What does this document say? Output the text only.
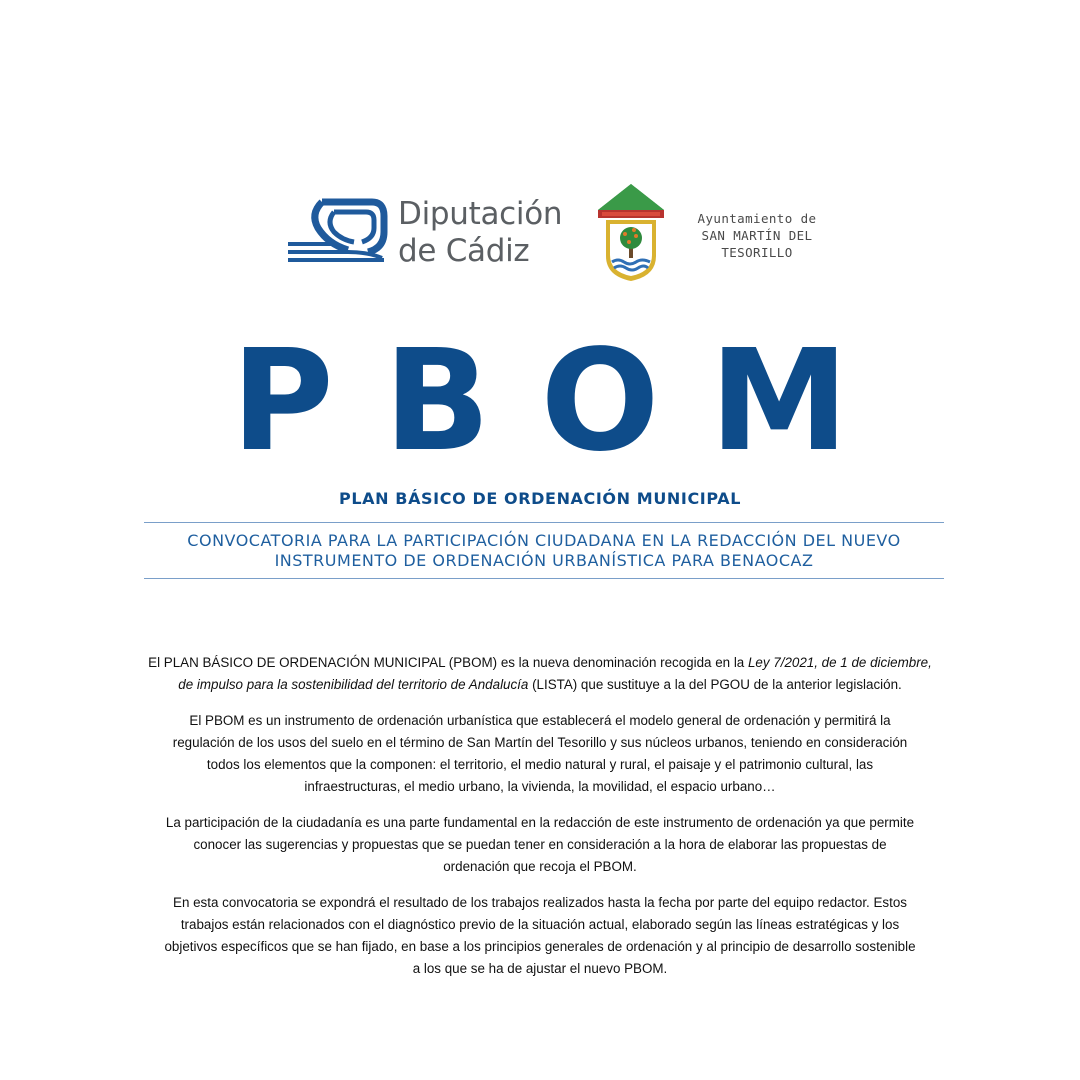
Diputación
de Cádiz
Ayuntamiento de
SAN MARTÍN DEL
TESORILLO
PBOM
PLAN BÁSICO DE ORDENACIÓN MUNICIPAL
CONVOCATORIA PARA LA PARTICIPACIÓN CIUDADANA EN LA REDACCIÓN DEL NUEVO
INSTRUMENTO DE ORDENACIÓN URBANÍSTICA PARA BENAOCAZ

El PLAN BÁSICO DE ORDENACIÓN MUNICIPAL (PBOM) es la nueva denominación recogida en la Ley 7/2021, de 1 de diciembre,
de impulso para la sostenibilidad del territorio de Andalucía (LISTA) que sustituye a la del PGOU de la anterior legislación.

El PBOM es un instrumento de ordenación urbanística que establecerá el modelo general de ordenación y permitirá la
regulación de los usos del suelo en el término de San Martín del Tesorillo y sus núcleos urbanos, teniendo en consideración
todos los elementos que la componen: el territorio, el medio natural y rural, el paisaje y el patrimonio cultural, las
infraestructuras, el medio urbano, la vivienda, la movilidad, el espacio urbano…

La participación de la ciudadanía es una parte fundamental en la redacción de este instrumento de ordenación ya que permite
conocer las sugerencias y propuestas que se puedan tener en consideración a la hora de elaborar las propuestas de
ordenación que recoja el PBOM.

En esta convocatoria se expondrá el resultado de los trabajos realizados hasta la fecha por parte del equipo redactor. Estos
trabajos están relacionados con el diagnóstico previo de la situación actual, elaborado según las líneas estratégicas y los
objetivos específicos que se han fijado, en base a los principios generales de ordenación y al principio de desarrollo sostenible
a los que se ha de ajustar el nuevo PBOM.
